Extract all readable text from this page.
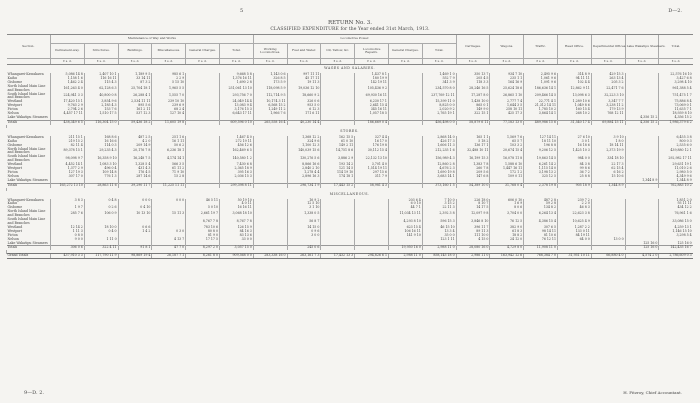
5	D—2.
RETURN No. 3.
CLASSIFIED EXPENDITURE for the Year ended 31st March, 1913.
Section.	Maintenance of Way and Works						Locomotive Power.						Carriages.	Wagons.	Traffic.	Head Office.	Departmental Offices.	Lake Wakatipu Steamers.	Total.
	Permanent-way.	Structures.	Buildings.	Miscellaneous.	General Charges.	Total.	Working Locomotives.	Fuel and Water.	Oil, Tallow, &c.	Locomotive Repairs.	General Charges.	Total.							
	£ s. d.	£ s. d.	£ s. d.	£ s. d.	£ s. d.	£ s. d.	£ s. d.	£ s. d.	£ s. d.	£ s. d.	£ s. d.	£ s. d.	£ s. d.	£ s. d.	£ s. d.	£ s. d.	£ s. d.	£ s. d.	£ s. d.
WAGES AND SALARIES.																			
Whangarei-Kawakawa	5,086 14 8	2,407 10 1	1,189 9 5	985 6 1		9,668 5 8	1,143 0 6	997 11 11		1,437 8 1		1,469 1 0	350 13 7	934 7 10	2,495 9 6	314 8 9	429 15 3		22,576 16 10
Kaihu	1,158 1 6	116 16 11	33 14 11	2 2 9		1,376 16 11	326 8 5	45 17 11		180 19 9		552 7 9	205 4 5	235 1 1	1,061 9 6	94 11 11	263 13 4		3,427 6 8
Gisborne	1,462 2 4	115 4 3	87 3 2	5 15 10		1,690 2 8	173 5 9	19 11 3		142 19 11		341 3 9	118 3 3	164 16 9	1,091 9 6	102 4 4	205 3 2		3,298 4 10
North Island Main Line and Branches	161,263 4 0	62,128 6 3	25,704 18 1	1,965 5 5		251,061 13 10	118,098 5 9	19,036 12 10		105,436 9 2		234,570 8 0	28,246 16 5	25,624 18 6	186,636 14 1	12,862 9 11	22,471 7 6		961,388 5 4
South Island Main Line and Branches	224,941 3 3	40,800 0 8	26,288 4 1	1,555 7 0		293,756 7 0	112,714 9 5	18,660 9 2		69,930 16 11		237,769 12 11	17,287 8 0	26,865 1 10	209,466 14 5	13,098 6 3	32,223 3 10		751,475 1 7
Westland	17,420 15 1	3,854 9 6	2,534 11 11	239 10 10		24,049 14 4	10,174 3 11	326 0 6		6,230 17 1		15,399 11 0	1,438 10 0	2,777 7 4	22,771 4 1	1,289 10 6	3,347 7 7		75,886 8 4
Westport	9,763 2 9	2,185 4 3	895 5 6	239 6 9		13,083 9 4	6,568 15 2	953 5 0		2,641 15 4		8,825 0 0	865 0 1	1,644 3 5	21,312 14 11	1,049 8 6	3,238 11 2		73,069 0 1
Picton	2,794 2 6	153 7 6	161 2 11	68 2 4		3,176 15 3	1,249 11 2	6 12 3		345 16 11		2,020 9 2	149 9 0	258 10 11	1,785 10 2	160 15 4	179 13 9		11,635 7 1
Nelson	4,457 17 11	1,510 17 5	537 12 3	127 10 4		6,643 17 11	1,966 7 6	171 6 11		1,057 18 5		2,765 19 1	322 15 1	425 17 3	3,864 14 1	268 10 2	768 12 11		18,939 8 10
Lake Wakatipu Steamers																		4,356 15 2	4,356 15 2
Totals	438,349 6 5	116,304 15 0	59,436 18 2	11,605 19 8		609,596 0 10	265,558 16 4	40,230 14 4		186,669 0 4		456,498 0 0	58,879 6 11	77,183 13 0	489,986 15 6	31,540 17 4	69,884 15 11	4,356 15 2	1,986,379 6 2

STORES.																			
Whangarei-Kawakawa	211 15 1	168 8 6	487 2 5	251 1 6		1,467 4 0		1,368 12 2	162 15 5	327 4 4		2,868 14 0	165 1 1	1,569 7 6	127 14 11	27 6 10	3 9 10		6,455 3 8
Kaihu	219 15 2	16 16 6	4 2 0	16 1 11		272 19 11		324 9 6	61 0 10	16 17 0		426 17 3	5 18 2	65 5 7	18 11 10	3 0 1	1 8 0		800 0 3
Gisborne	82 11 4	114 0 3	209 14 9	50 6 2		456 12 6		1,100 12 3	149 2 11	176 19 8		1,606 11 3	136 17 1	103 3 2	196 8 8	16 18 6	18 14 11		2,535 6 0
North Island Main Line and Branches	89,378 15 1	29,235 4 3	20,176 7 8	6,236 18 1		162,469 6 5		140,039 15 6	14,751 8 6	30,112 15 4		212,235 1 6	32,488 10 11	20,674 15 4	9,206 12 5	1,425 10 3	2,373 19 9		439,880 12 1
South Island Main Line and Branches	98,098 9 7	16,358 9 10	16,248 7 5	4,174 14 1		140,580 1 2		130,276 5 6	3,886 2 9	22,132 13 10		156,989 4 3	16,199 15 3	16,078 11 8	19,863 14 5	984 0 0	334 18 10		292,982 17 11
Westland	4,452 14 1	1,083 3 10	1,328 5 4	566 3 5		7,430 6 8		8,866 16 6	193 14 2	3,701 4 0		12,860 2 8	1,383 7 8	1,588 6 10	6,261 14 2	84 3 8	22 17 3		29,631 19 1
Westport	1,377 2 9	496 0 4	431 4 3	61 11 2		2,365 18 9		2,840 2 10	121 14 5	1,514 19 11		4,676 2 3	260 7 8	1,447 16 11	1,115 14 0	99 8 6	62 15 4		11,010 2 6
Picton	127 19 3	109 14 8	176 4 5	71 9 10		395 16 3		1,278 4 4	114 19 10	297 15 6		1,690 19 8	209 5 6	172 1 2	3,198 13 2	36 7 2	6 16 2		2,980 5 0
Nelson	307 17 0	776 1 3	287 14 6	15 2 8		2,036 15 3		2,896 16 3	174 18 1	311 7 9		3,683 14 1	147 6 8	109 0 11	325 12 5	25 8 8	15 10 6		4,349 9 6
Lake Wakatipu Steamers																		1,344 8 9	1,344 8 9
Totals	165,272 13 10	28,863 11 6	39,290 11 7	11,225 11 11		299,398 8 11		296,734 1 9	17,443 15 2	58,981 4 3		373,160 1 5	54,389 10 0	31,768 0 4	2,378 19 8	905 18 9	1,344 8 9		762,883 10 2

MISCELLANEOUS.																			
Whangarei-Kawakawa	3 8 3	0 4 8	0 0 0	0 0 0	46 5 11	50 19 10		16 9 2			203 6 4	7 10 0	226 18 0	606 0 10	487 2 8	239 7 2			1,851 2 0
Kaihu						4 0 11		12 5 10			6 0 10	3 15 2	8 10 7	1 6 9	59 2 8	2 2 0			93 11 11
Gisborne	1 9 7	0 2 6	0 4 10		5 0 10	16 16 11		3 1 10			44 7 1	22 11 3	14 17 5	8 0 6	134 8 2	46 8 3			434 12 2
North Island Main Line and Branches	285 7 6	106 0 9	10 13 10	15 11 3	2,661 19 7	3,068 18 10		1,338 0 5			11,034 13 11	2,392 3 8	12,097 9 8	3,704 0 0	6,264 13 4	22,623 3 8			76,961 1 6
South Island Main Line and Branches					8,767 7 8	8,767 7 8		56 8 7			4,293 8 10	596 15 3	3,846 8 10	76 12 5	4,386 15 4	10,625 4 9			33,086 15 0
Westland	12 14 2	18 10 0	0 6 6		783 10 6	126 15 9		14 15 0			623 15 4	46 15 10	396 11 7	382 9 0	307 6 5	1,287 2 2			4,259 13 1
Westport	1 11 3	0 4 0	1 4 2	0 3 0	80 8 0	84 16 3		0 9 6			106 16 11	13 3 4	89 11 3	61 8 3	98 14 11	133 0 11			1,146 15 10
Picton	0 8 0				81 9 0	83 13 6		3 0 0			141 9 10	35 0 0	111 10 0	18 8 2	81 10 6	84 19 11			3,298 5 4
Nelson	9 0 0	1 11 0		4 13 7	17 17 5	33 0 0						123 1 11	4 15 0	24 12 0	76 12 11	64 0 0	13 0 0		
Lake Wakatipu Steamers																		125 16 0	125 16 0
Totals	306 0 6	322 4 11	91 8 1	47 7 0	8,297 2 0	3,057 15 0		245 0 6			19,950 16 0	2,988 11 0	28,080 16 0	4,729 8 0	11,908 11 0			125 16 0	142,435 16 7

Grand Totals	437,910 3 3	117,790 11 9	98,869 19 4	26,187 7 1	8,261 8 0	909,568 0 0	283,338 16 0	263,161 7 3	17,432 13 3	294,826 6 1	2,988 11 0	858,145 18 0	2,986 11 0	163,942 12 6	768,384 7 0	31,951 10 11	66,880 4 0	4,574 2 0	2,786,609 0 3
9—D. 2.	H. Fitzroy, Chief Accountant.
